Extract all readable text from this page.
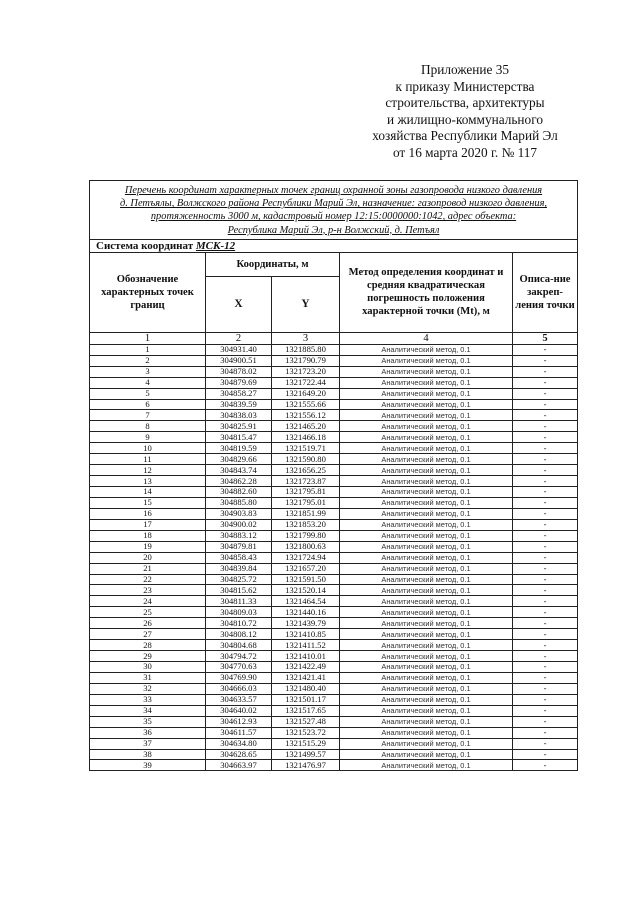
Приложение 35
к приказу Министерства
строительства, архитектуры
и жилищно-коммунального
хозяйства Республики Марий Эл
от 16 марта 2020 г. № 117
Перечень координат характерных точек границ охранной зоны газопровода низкого давления
д. Петъялы, Волжского района Республики Марий Эл, назначение: газопровод низкого давления,
протяженность 3000 м, кадастровый номер 12:15:0000000:1042, адрес объекта:
Республика Марий Эл, р-н Волжский, д. Петъял				

Система координат МСК-12				
Обозначение характерных точек границ	Координаты, м		Метод определения координат и средняя квадратическая погрешность положения характерной точки (Mt), м	Описа-ние закреп-ления точки
	X	Y		
1	2	3	4	5
1	304931.40	1321885.80	Аналитический метод, 0.1	-
2	304900.51	1321790.79	Аналитический метод, 0.1	-
3	304878.02	1321723.20	Аналитический метод, 0.1	-
4	304879.69	1321722.44	Аналитический метод, 0.1	-
5	304858.27	1321649.20	Аналитический метод, 0.1	-
6	304839.59	1321555.66	Аналитический метод, 0.1	-
7	304838.03	1321556.12	Аналитический метод, 0.1	-
8	304825.91	1321465.20	Аналитический метод, 0.1	-
9	304815.47	1321466.18	Аналитический метод, 0.1	-
10	304819.59	1321519.71	Аналитический метод, 0.1	-
11	304829.66	1321590.80	Аналитический метод, 0.1	-
12	304843.74	1321656.25	Аналитический метод, 0.1	-
13	304862.28	1321723.87	Аналитический метод, 0.1	-
14	304882.60	1321795.81	Аналитический метод, 0.1	-
15	304885.80	1321795.01	Аналитический метод, 0.1	-
16	304903.83	1321851.99	Аналитический метод, 0.1	-
17	304900.02	1321853.20	Аналитический метод, 0.1	-
18	304883.12	1321799.80	Аналитический метод, 0.1	-
19	304879.81	1321800.63	Аналитический метод, 0.1	-
20	304858.43	1321724.94	Аналитический метод, 0.1	-
21	304839.84	1321657.20	Аналитический метод, 0.1	-
22	304825.72	1321591.50	Аналитический метод, 0.1	-
23	304815.62	1321520.14	Аналитический метод, 0.1	-
24	304811.33	1321464.54	Аналитический метод, 0.1	-
25	304809.03	1321440.16	Аналитический метод, 0.1	-
26	304810.72	1321439.79	Аналитический метод, 0.1	-
27	304808.12	1321410.85	Аналитический метод, 0.1	-
28	304804.68	1321411.52	Аналитический метод, 0.1	-
29	304794.72	1321410.01	Аналитический метод, 0.1	-
30	304770.63	1321422.49	Аналитический метод, 0.1	-
31	304769.90	1321421.41	Аналитический метод, 0.1	-
32	304666.03	1321480.40	Аналитический метод, 0.1	-
33	304633.57	1321501.17	Аналитический метод, 0.1	-
34	304640.02	1321517.65	Аналитический метод, 0.1	-
35	304612.93	1321527.48	Аналитический метод, 0.1	-
36	304611.57	1321523.72	Аналитический метод, 0.1	-
37	304634.80	1321515.29	Аналитический метод, 0.1	-
38	304628.65	1321499.57	Аналитический метод, 0.1	-
39	304663.97	1321476.97	Аналитический метод, 0.1	-
